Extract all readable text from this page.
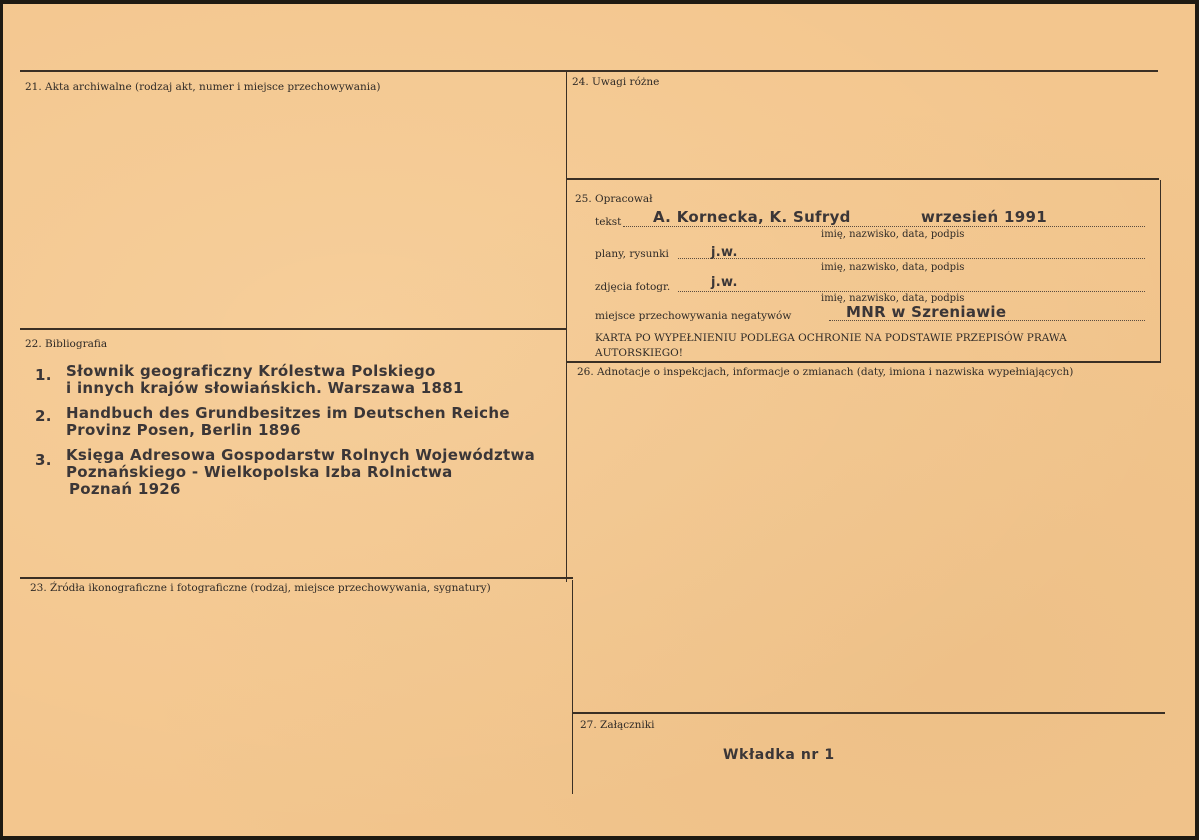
21. Akta archiwalne (rodzaj akt, numer i miejsce przechowywania)
22. Bibliografia
1. Słownik geograficzny Królestwa Polskiego
i innych krajów słowiańskich. Warszawa 1881
2. Handbuch des Grundbesitzes im Deutschen Reiche
Provinz Posen, Berlin 1896
3. Księga Adresowa Gospodarstw Rolnych Województwa
Poznańskiego - Wielkopolska Izba Rolnictwa
Poznań 1926
23. Źródła ikonograficzne i fotograficzne (rodzaj, miejsce przechowywania, sygnatury)
24. Uwagi różne
25. Opracował
tekst A. Kornecka, K. Sufryd	wrzesień 1991
imię, nazwisko, data, podpis
plany, rysunki	j.w.
imię, nazwisko, data, podpis
zdjęcia fotogr.	j.w.
imię, nazwisko, data, podpis
miejsce przechowywania negatywów	MNR w Szreniawie
KARTA PO WYPEŁNIENIU PODLEGA OCHRONIE NA PODSTAWIE PRZEPISÓW PRAWA
AUTORSKIEGO!
26. Adnotacje o inspekcjach, informacje o zmianach (daty, imiona i nazwiska wypełniających)
27. Załączniki
Wkładka nr 1
